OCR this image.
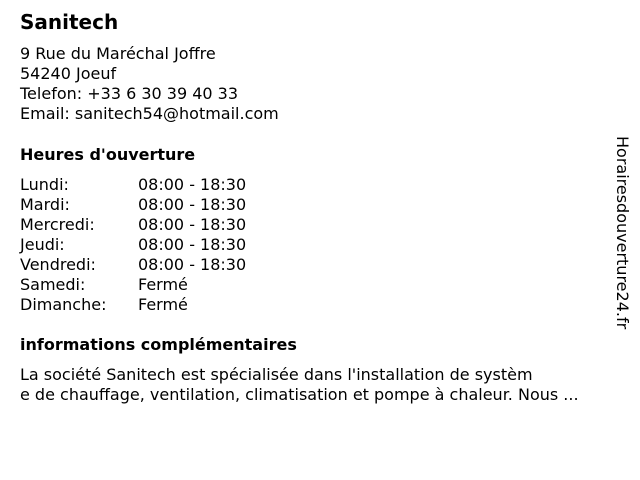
Sanitech
9 Rue du Maréchal Joffre
54240 Joeuf
Telefon: +33 6 30 39 40 33
Email: sanitech54@hotmail.com
Heures d'ouverture
Lundi:	08:00 - 18:30
Mardi:	08:00 - 18:30
Mercredi:	08:00 - 18:30
Jeudi:	08:00 - 18:30
Vendredi:	08:00 - 18:30
Samedi:	Fermé
Dimanche:	Fermé
informations complémentaires
La société Sanitech est spécialisée dans l'installation de systèm
e de chauffage, ventilation, climatisation et pompe à chaleur. Nous ...
Horairesdouverture24.fr
